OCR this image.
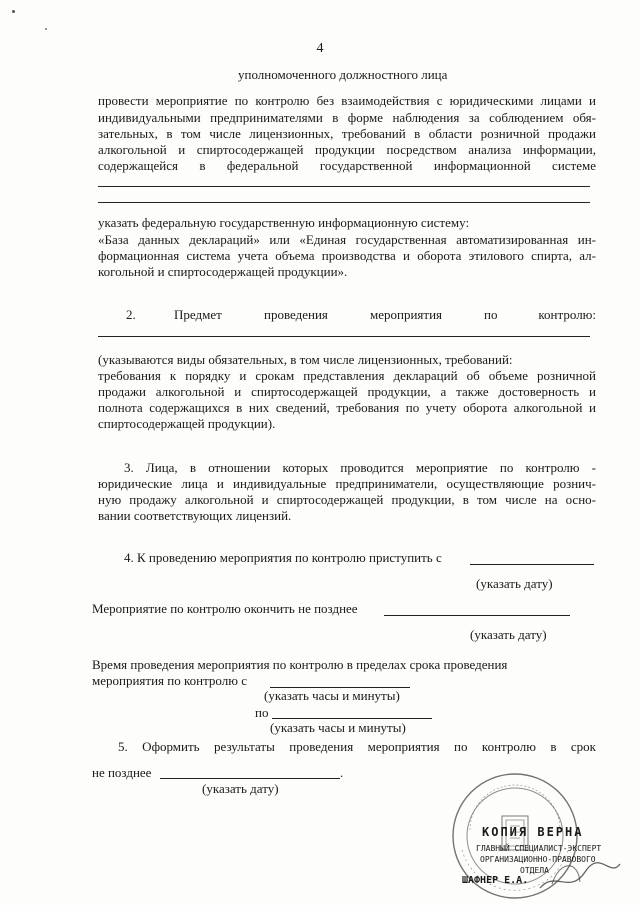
4
уполномоченного должностного лица
провести мероприятие по контролю без взаимодействия с юридическими лицами и
индивидуальными предпринимателями в форме наблюдения за соблюдением обя-
зательных, в том числе лицензионных, требований в области розничной продажи
алкогольной и спиртосодержащей продукции посредством анализа информации,
содержащейся в федеральной государственной информационной системе
указать федеральную государственную информационную систему:
«База данных деклараций» или «Единая государственная автоматизированная ин-
формационная система учета объема производства и оборота этилового спирта, ал-
когольной и спиртосодержащей продукции».
2.	Предмет	проведения	мероприятия	по	контролю:
(указываются виды обязательных, в том числе лицензионных, требований:
требования к порядку и срокам представления деклараций об объеме розничной
продажи алкогольной и спиртосодержащей продукции, а также достоверность и
полнота содержащихся в них сведений, требования по учету оборота алкогольной и
спиртосодержащей продукции).
3. Лица, в отношении которых проводится мероприятие по контролю -
юридические лица и индивидуальные предприниматели, осуществляющие рознич-
ную продажу алкогольной и спиртосодержащей продукции, в том числе на осно-
вании соответствующих лицензий.
4. К проведению мероприятия по контролю приступить с
(указать дату)
Мероприятие по контролю окончить не позднее
(указать дату)
Время проведения мероприятия по контролю в пределах срока проведения
мероприятия по контролю с
(указать часы и минуты)
по
(указать часы и минуты)
5. Оформить результаты проведения мероприятия по контролю в срок
не позднее	.
(указать дату)
КОПИЯ ВЕРНА
ГЛАВНЫЙ СПЕЦИАЛИСТ-ЭКСПЕРТ
ОРГАНИЗАЦИОННО-ПРАВОВОГО
ОТДЕЛА
ШАФНЕР Е.А.
